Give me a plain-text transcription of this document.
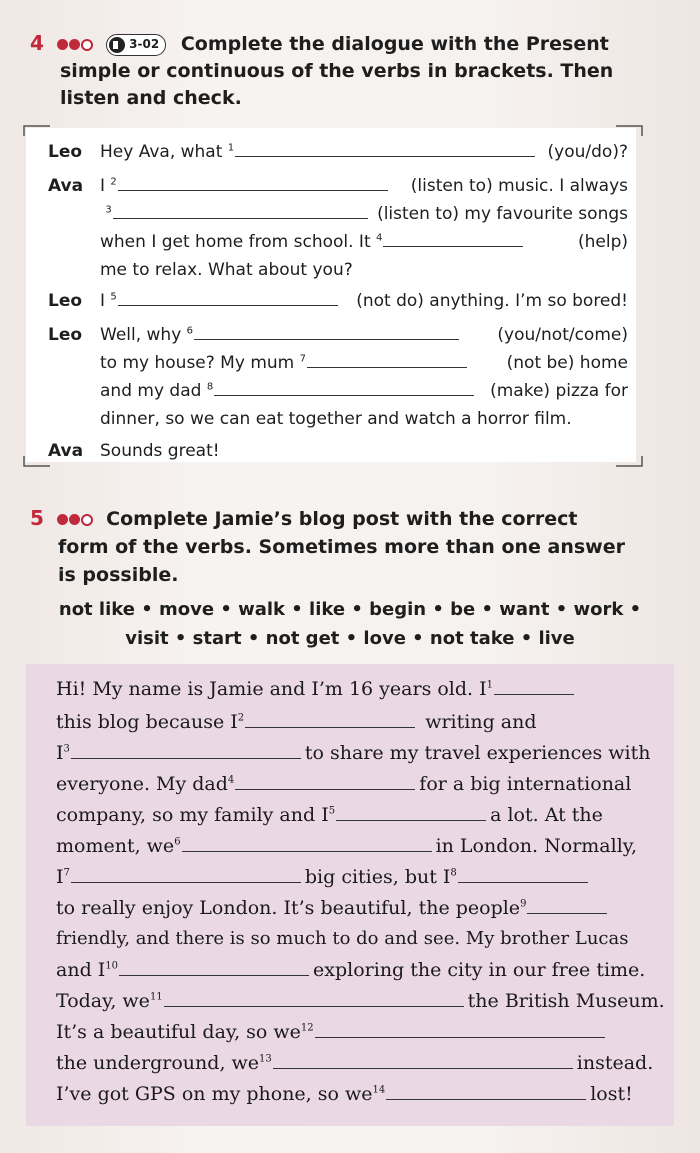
4	3-02 Complete the dialogue with the Present
simple or continuous of the verbs in brackets. Then
listen and check.
Leo Hey Ava, what $^1$	(you/do)?
Ava I $^2$	(listen to) music. I always
$^3$	(listen to) my favourite songs
when I get home from school. It $^4$	(help)
me to relax. What about you?
Leo I $^5$	(not do) anything. I’m so bored!
Leo Well, why $^6$	(you/not/come)
to my house? My mum $^7$	(not be) home
and my dad $^8$	(make) pizza for
dinner, so we can eat together and watch a horror film.
Ava Sounds great!
5	Complete Jamie’s blog post with the correct
form of the verbs. Sometimes more than one answer
is possible.
not like • move • walk • like • begin • be • want • work •
visit • start • not get • love • not take • live
Hi! My name is Jamie and I’m 16 years old. $I^1$
this blog because $I^2$	writing and
$I^3$	to share my travel experiences with
everyone. My dad$^4$	for a big international
company, so my family and $I^5$	a lot. At the
moment, $we^6$	in London. Normally,
$I^7$	big cities, but $I^8$
to really enjoy London. It’s beautiful, the people$^9$
friendly, and there is so much to do and see. My brother Lucas
and $I^{10}$	exploring the city in our free time.
Today, $we^{11}$	the British Museum.
It’s a beautiful day, so $we^{12}$
the underground, $we^{13}$	instead.
I’ve got GPS on my phone, so $we^{14}$	lost!
